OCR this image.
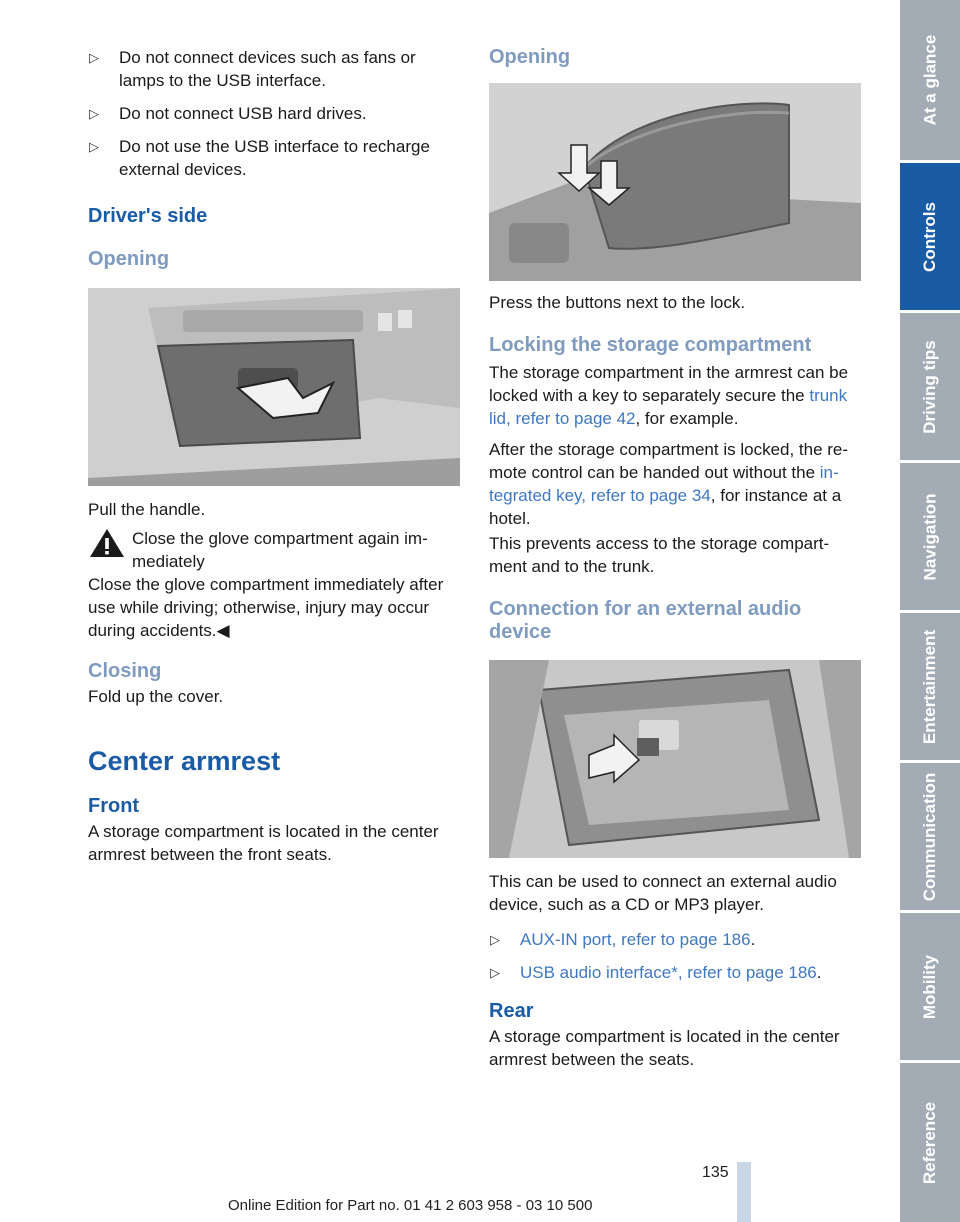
▷	Do not connect devices such as fans or lamps to the USB interface.
▷	Do not connect USB hard drives.
▷	Do not use the USB interface to recharge external devices.
Driver's side
Opening

Pull the handle.

Close the glove compartment again im‐mediately

Close the glove compartment immediately after use while driving; otherwise, injury may occur during accidents.◀

Closing

Fold up the cover.

Center armrest
Front

A storage compartment is located in the center armrest between the front seats.

Opening

Press the buttons next to the lock.

Locking the storage compartment

The storage compartment in the armrest can be locked with a key to separately secure the trunk lid, refer to page 42, for example.

After the storage compartment is locked, the re‐mote control can be handed out without the in‐tegrated key, refer to page 34, for instance at a hotel.

This prevents access to the storage compart‐ment and to the trunk.

Connection for an external audio device

This can be used to connect an external audio device, such as a CD or MP3 player.

▷	AUX-IN port, refer to page 186.
▷	USB audio interface*, refer to page 186.
Rear

A storage compartment is located in the center armrest between the seats.

At a glance
Controls
Driving tips
Navigation
Entertainment
Communication
Mobility
Reference
135
Online Edition for Part no. 01 41 2 603 958 - 03 10 500
